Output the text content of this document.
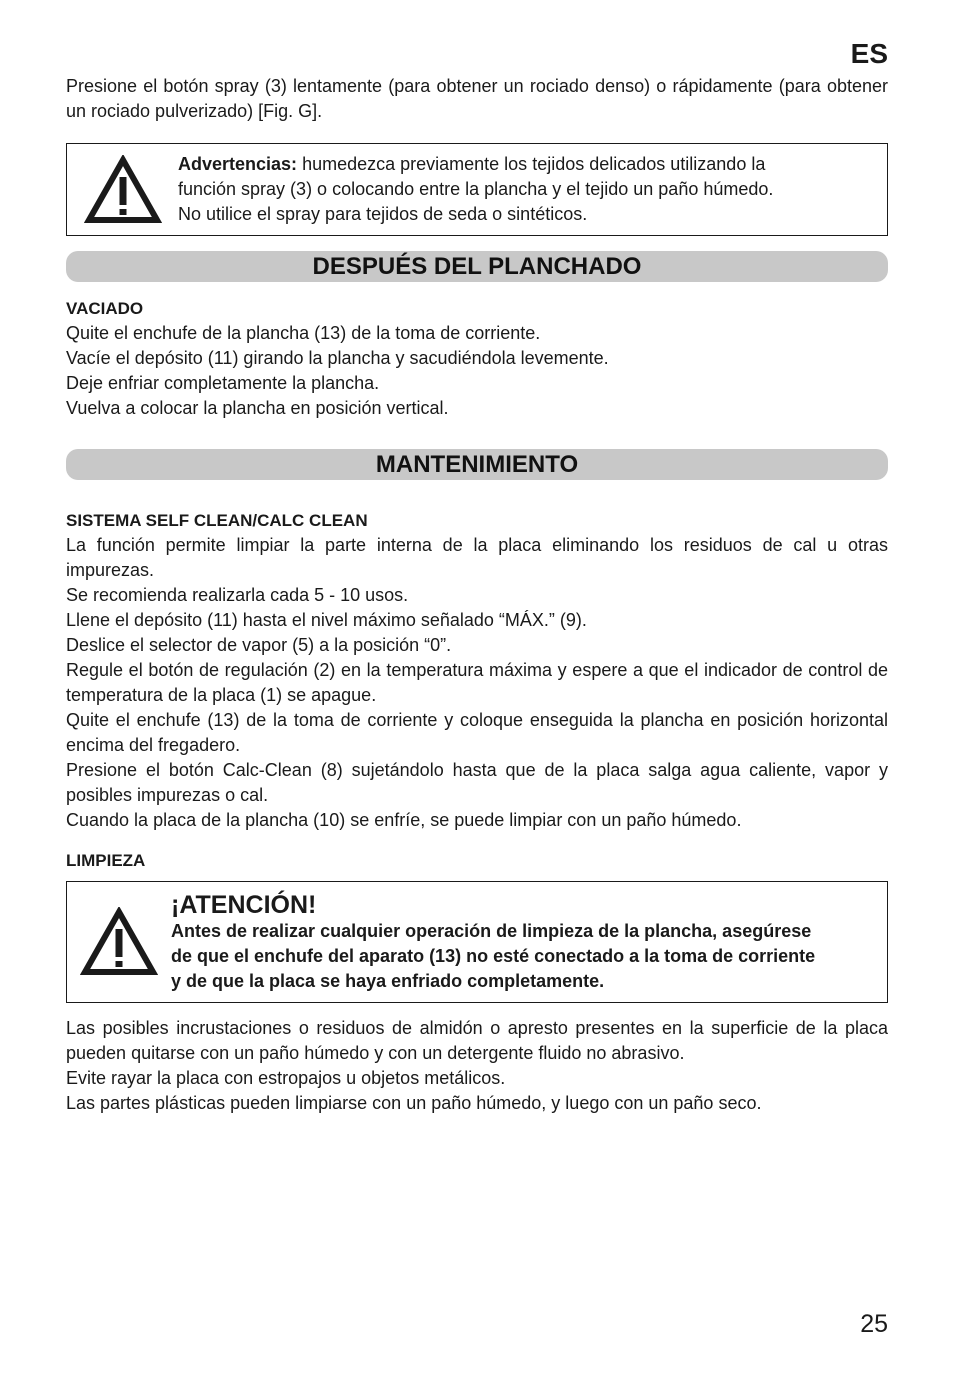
ES

Presione el botón spray (3) lentamente (para obtener un rociado denso) o rápidamente (para obtener un rociado pulverizado) [Fig. G].

Advertencias: humedezca previamente los tejidos delicados utilizando la

función spray (3) o colocando entre la plancha y el tejido un paño húmedo.

No utilice el spray para tejidos de seda o sintéticos.

DESPUÉS DEL PLANCHADO
VACIADO

Quite el enchufe de la plancha (13) de la toma de corriente.

Vacíe el depósito (11) girando la plancha y sacudiéndola levemente.

Deje enfriar completamente la plancha.

Vuelva a colocar la plancha en posición vertical.

MANTENIMIENTO
SISTEMA SELF CLEAN/CALC CLEAN

La función permite limpiar la parte interna de la placa eliminando los residuos de cal u otras impurezas.

Se recomienda realizarla cada 5 - 10 usos.

Llene el depósito (11) hasta el nivel máximo señalado “MÁX.” (9).

Deslice el selector de vapor (5) a la posición “0”.

Regule el botón de regulación (2) en la temperatura máxima y espere a que el indicador de control de temperatura de la placa (1) se apague.

Quite el enchufe (13) de la toma de corriente y coloque enseguida la plancha en posición horizontal encima del fregadero.

Presione el botón Calc-Clean (8) sujetándolo hasta que de la placa salga agua caliente, vapor y posibles impurezas o cal.

Cuando la placa de la plancha (10) se enfríe, se puede limpiar con un paño húmedo.

LIMPIEZA
¡ATENCIÓN!

Antes de realizar cualquier operación de limpieza de la plancha, asegúrese

de que el enchufe del aparato (13) no esté conectado a la toma de corriente

y de que la placa se haya enfriado completamente.

Las posibles incrustaciones o residuos de almidón o apresto presentes en la superficie de la placa pueden quitarse con un paño húmedo y con un detergente fluido no abrasivo.

Evite rayar la placa con estropajos u objetos metálicos.

Las partes plásticas pueden limpiarse con un paño húmedo, y luego con un paño seco.

25
